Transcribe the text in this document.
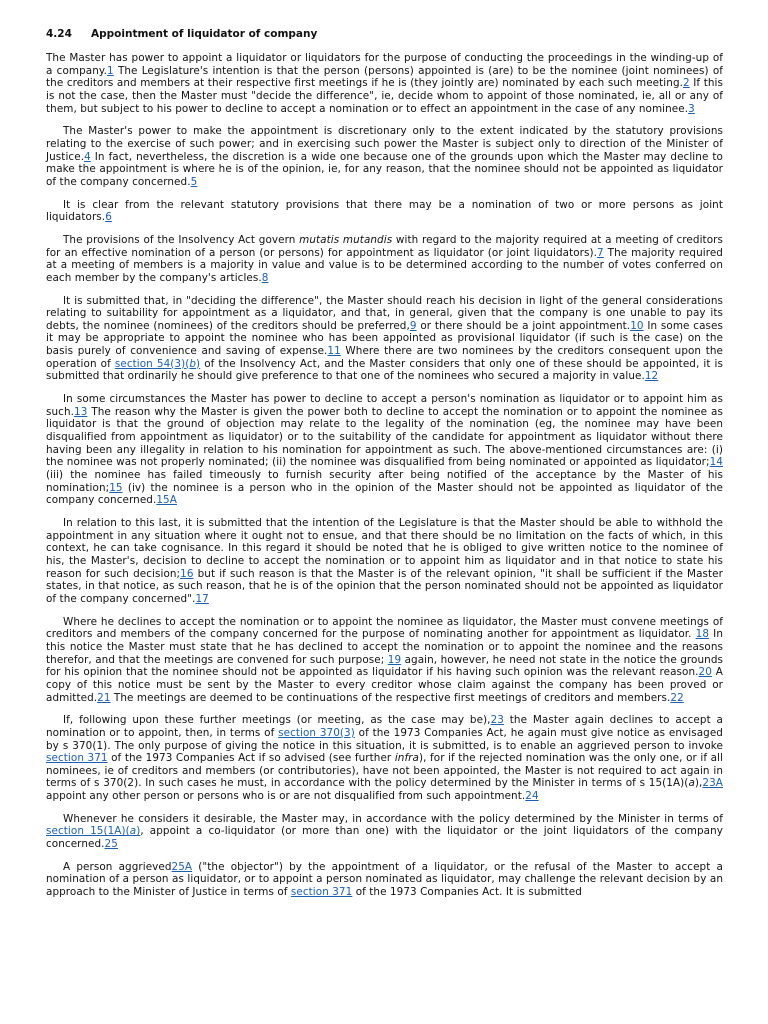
4.24 Appointment of liquidator of company

The Master has power to appoint a liquidator or liquidators for the purpose of conducting the proceedings in the winding-up of a company.1 The Legislature's intention is that the person (persons) appointed is (are) to be the nominee (joint nominees) of the creditors and members at their respective first meetings if he is (they jointly are) nominated by each such meeting.2 If this is not the case, then the Master must "decide the difference", ie, decide whom to appoint of those nominated, ie, all or any of them, but subject to his power to decline to accept a nomination or to effect an appointment in the case of any nominee.3

The Master's power to make the appointment is discretionary only to the extent indicated by the statutory provisions relating to the exercise of such power; and in exercising such power the Master is subject only to direction of the Minister of Justice.4 In fact, nevertheless, the discretion is a wide one because one of the grounds upon which the Master may decline to make the appointment is where he is of the opinion, ie, for any reason, that the nominee should not be appointed as liquidator of the company concerned.5

It is clear from the relevant statutory provisions that there may be a nomination of two or more persons as joint liquidators.6

The provisions of the Insolvency Act govern mutatis mutandis with regard to the majority required at a meeting of creditors for an effective nomination of a person (or persons) for appointment as liquidator (or joint liquidators).7 The majority required at a meeting of members is a majority in value and value is to be determined according to the number of votes conferred on each member by the company's articles.8

It is submitted that, in "deciding the difference", the Master should reach his decision in light of the general considerations relating to suitability for appointment as a liquidator, and that, in general, given that the company is one unable to pay its debts, the nominee (nominees) of the creditors should be preferred,9 or there should be a joint appointment.10 In some cases it may be appropriate to appoint the nominee who has been appointed as provisional liquidator (if such is the case) on the basis purely of convenience and saving of expense.11 Where there are two nominees by the creditors consequent upon the operation of section 54(3)(b) of the Insolvency Act, and the Master considers that only one of these should be appointed, it is submitted that ordinarily he should give preference to that one of the nominees who secured a majority in value.12

In some circumstances the Master has power to decline to accept a person's nomination as liquidator or to appoint him as such.13 The reason why the Master is given the power both to decline to accept the nomination or to appoint the nominee as liquidator is that the ground of objection may relate to the legality of the nomination (eg, the nominee may have been disqualified from appointment as liquidator) or to the suitability of the candidate for appointment as liquidator without there having been any illegality in relation to his nomination for appointment as such. The above-mentioned circumstances are: (i) the nominee was not properly nominated; (ii) the nominee was disqualified from being nominated or appointed as liquidator;14 (iii) the nominee has failed timeously to furnish security after being notified of the acceptance by the Master of his nomination;15 (iv) the nominee is a person who in the opinion of the Master should not be appointed as liquidator of the company concerned.15A

In relation to this last, it is submitted that the intention of the Legislature is that the Master should be able to withhold the appointment in any situation where it ought not to ensue, and that there should be no limitation on the facts of which, in this context, he can take cognisance. In this regard it should be noted that he is obliged to give written notice to the nominee of his, the Master's, decision to decline to accept the nomination or to appoint him as liquidator and in that notice to state his reason for such decision;16 but if such reason is that the Master is of the relevant opinion, "it shall be sufficient if the Master states, in that notice, as such reason, that he is of the opinion that the person nominated should not be appointed as liquidator of the company concerned".17

Where he declines to accept the nomination or to appoint the nominee as liquidator, the Master must convene meetings of creditors and members of the company concerned for the purpose of nominating another for appointment as liquidator. 18 In this notice the Master must state that he has declined to accept the nomination or to appoint the nominee and the reasons therefor, and that the meetings are convened for such purpose; 19 again, however, he need not state in the notice the grounds for his opinion that the nominee should not be appointed as liquidator if his having such opinion was the relevant reason.20 A copy of this notice must be sent by the Master to every creditor whose claim against the company has been proved or admitted.21 The meetings are deemed to be continuations of the respective first meetings of creditors and members.22

If, following upon these further meetings (or meeting, as the case may be),23 the Master again declines to accept a nomination or to appoint, then, in terms of section 370(3) of the 1973 Companies Act, he again must give notice as envisaged by s 370(1). The only purpose of giving the notice in this situation, it is submitted, is to enable an aggrieved person to invoke section 371 of the 1973 Companies Act if so advised (see further infra), for if the rejected nomination was the only one, or if all nominees, ie of creditors and members (or contributories), have not been appointed, the Master is not required to act again in terms of s 370(2). In such cases he must, in accordance with the policy determined by the Minister in terms of s 15(1A)(a),23A appoint any other person or persons who is or are not disqualified from such appointment.24

Whenever he considers it desirable, the Master may, in accordance with the policy determined by the Minister in terms of section 15(1A)(a), appoint a co-liquidator (or more than one) with the liquidator or the joint liquidators of the company concerned.25

A person aggrieved25A ("the objector") by the appointment of a liquidator, or the refusal of the Master to accept a nomination of a person as liquidator, or to appoint a person nominated as liquidator, may challenge the relevant decision by an approach to the Minister of Justice in terms of section 371 of the 1973 Companies Act. It is submitted
